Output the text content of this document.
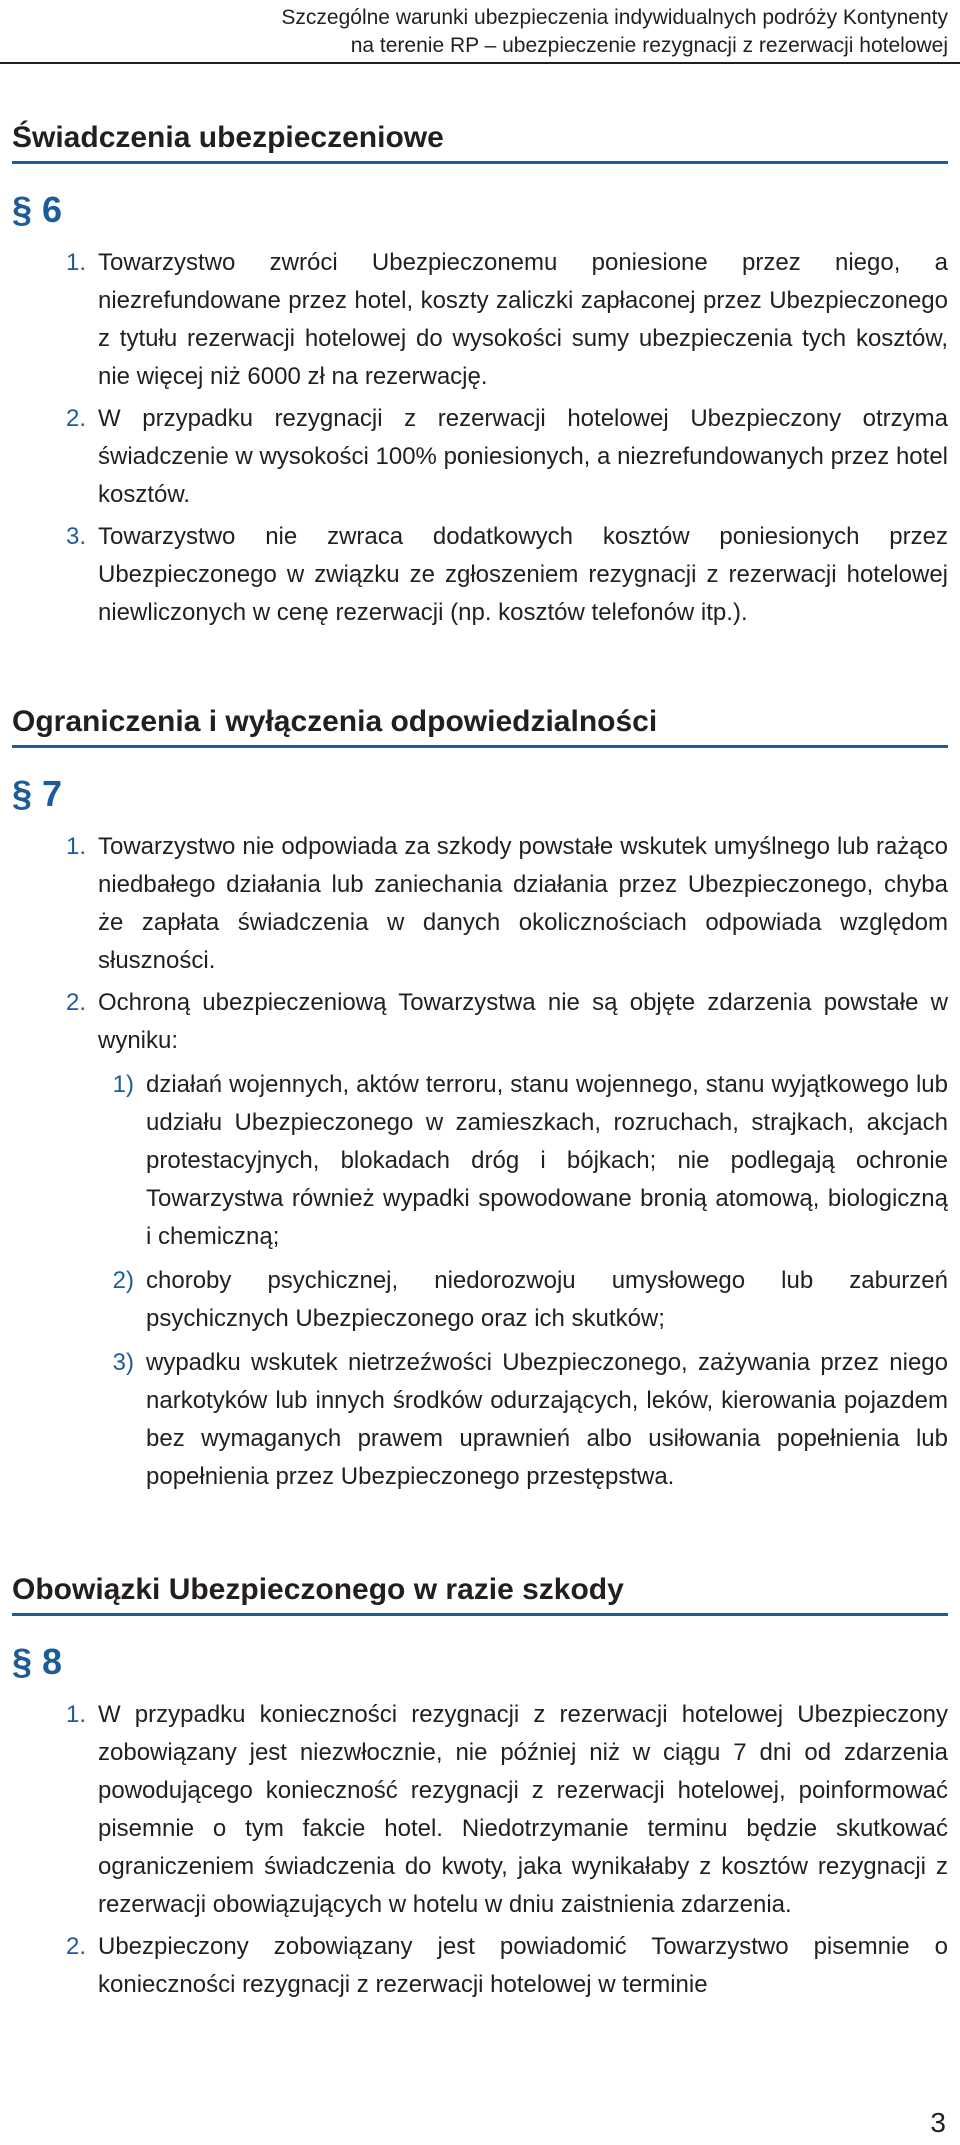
Szczególne warunki ubezpieczenia indywidualnych podróży Kontynenty
na terenie RP – ubezpieczenie rezygnacji z rezerwacji hotelowej
Świadczenia ubezpieczeniowe
§ 6
1. Towarzystwo zwróci Ubezpieczonemu poniesione przez niego, a niezrefundowane przez hotel, koszty zaliczki zapłaconej przez Ubezpieczonego z tytułu rezerwacji hotelowej do wysokości sumy ubezpieczenia tych kosztów, nie więcej niż 6000 zł na rezerwację.
2. W przypadku rezygnacji z rezerwacji hotelowej Ubezpieczony otrzyma świadczenie w wysokości 100% poniesionych, a niezrefundowanych przez hotel kosztów.
3. Towarzystwo nie zwraca dodatkowych kosztów poniesionych przez Ubezpieczonego w związku ze zgłoszeniem rezygnacji z rezerwacji hotelowej niewliczonych w cenę rezerwacji (np. kosztów telefonów itp.).
Ograniczenia i wyłączenia odpowiedzialności
§ 7
1. Towarzystwo nie odpowiada za szkody powstałe wskutek umyślnego lub rażąco niedbałego działania lub zaniechania działania przez Ubezpieczonego, chyba że zapłata świadczenia w danych okolicznościach odpowiada względom słuszności.
2. Ochroną ubezpieczeniową Towarzystwa nie są objęte zdarzenia powstałe w wyniku:
1) działań wojennych, aktów terroru, stanu wojennego, stanu wyjątkowego lub udziału Ubezpieczonego w zamieszkach, rozruchach, strajkach, akcjach protestacyjnych, blokadach dróg i bójkach; nie podlegają ochronie Towarzystwa również wypadki spowodowane bronią atomową, biologiczną i chemiczną;
2) choroby psychicznej, niedorozwoju umysłowego lub zaburzeń psychicznych Ubezpieczonego oraz ich skutków;
3) wypadku wskutek nietrzeźwości Ubezpieczonego, zażywania przez niego narkotyków lub innych środków odurzających, leków, kierowania pojazdem bez wymaganych prawem uprawnień albo usiłowania popełnienia lub popełnienia przez Ubezpieczonego przestępstwa.
Obowiązki Ubezpieczonego w razie szkody
§ 8
1. W przypadku konieczności rezygnacji z rezerwacji hotelowej Ubezpieczony zobowiązany jest niezwłocznie, nie później niż w ciągu 7 dni od zdarzenia powodującego konieczność rezygnacji z rezerwacji hotelowej, poinformować pisemnie o tym fakcie hotel. Niedotrzymanie terminu będzie skutkować ograniczeniem świadczenia do kwoty, jaka wynikałaby z kosztów rezygnacji z rezerwacji obowiązujących w hotelu w dniu zaistnienia zdarzenia.
2. Ubezpieczony zobowiązany jest powiadomić Towarzystwo pisemnie o konieczności rezygnacji z rezerwacji hotelowej w terminie
3
